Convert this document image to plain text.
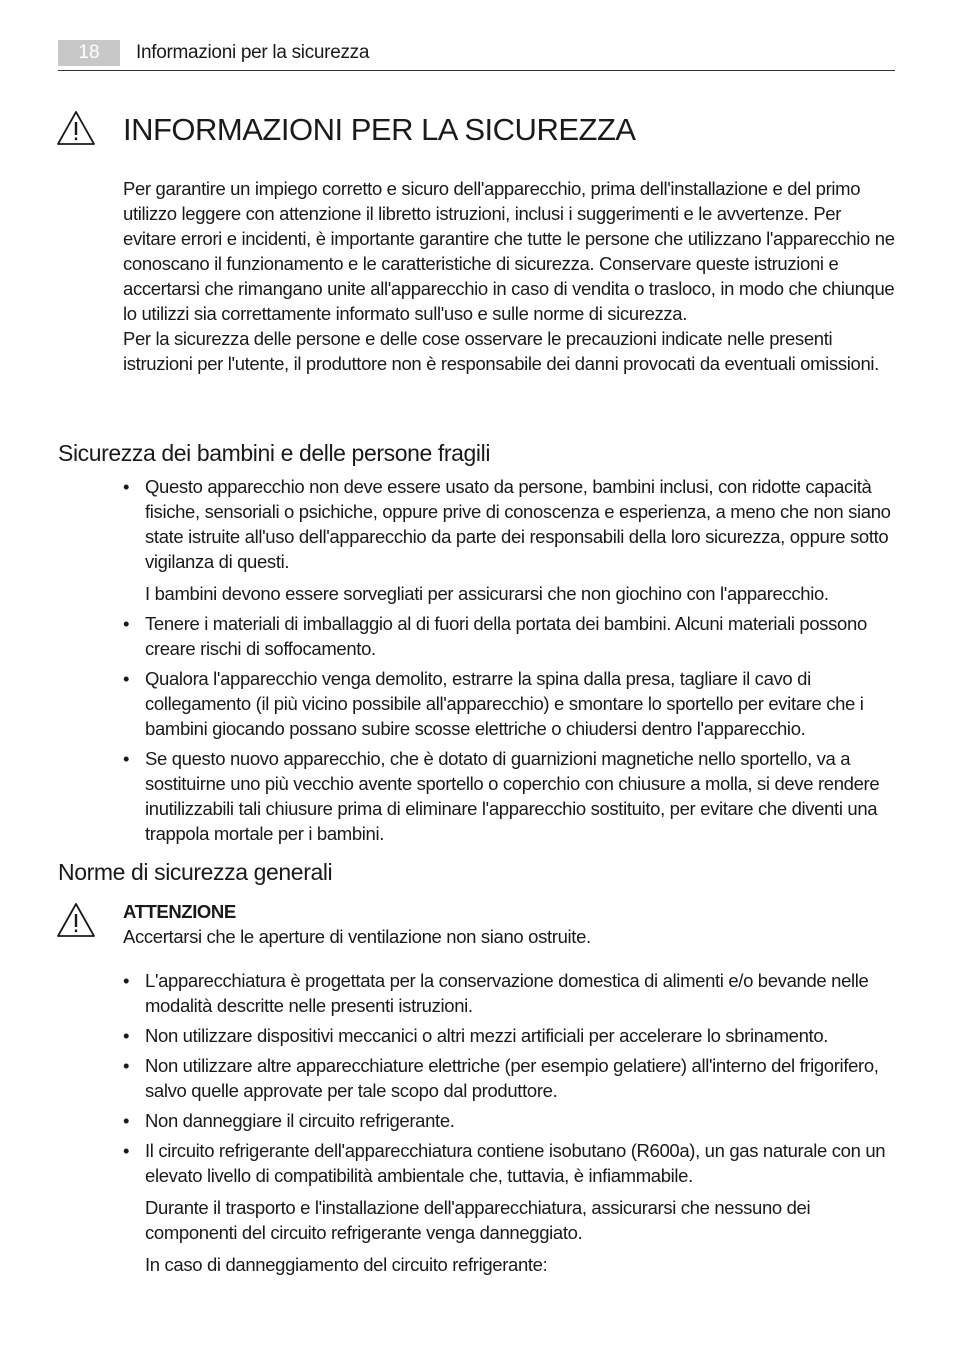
18	Informazioni per la sicurezza
INFORMAZIONI PER LA SICUREZZA

Per garantire un impiego corretto e sicuro dell'apparecchio, prima dell'installazione e del primo utilizzo leggere con attenzione il libretto istruzioni, inclusi i suggerimenti e le avvertenze. Per evitare errori e incidenti, è importante garantire che tutte le persone che utilizzano l'apparecchio ne conoscano il funzionamento e le caratteristiche di sicurezza. Conservare queste istruzioni e accertarsi che rimangano unite all'apparecchio in caso di vendita o trasloco, in modo che chiunque lo utilizzi sia correttamente informato sull'uso e sulle norme di sicurezza.

Per la sicurezza delle persone e delle cose osservare le precauzioni indicate nelle presenti istruzioni per l'utente, il produttore non è responsabile dei danni provocati da eventuali omissioni.

Sicurezza dei bambini e delle persone fragili
• Questo apparecchio non deve essere usato da persone, bambini inclusi, con ridotte capacità fisiche, sensoriali o psichiche, oppure prive di conoscenza e esperienza, a meno che non siano state istruite all'uso dell'apparecchio da parte dei responsabili della loro sicurezza, oppure sotto vigilanza di questi.

I bambini devono essere sorvegliati per assicurarsi che non giochino con l'apparecchio.

• Tenere i materiali di imballaggio al di fuori della portata dei bambini. Alcuni materiali possono creare rischi di soffocamento.

• Qualora l'apparecchio venga demolito, estrarre la spina dalla presa, tagliare il cavo di collegamento (il più vicino possibile all'apparecchio) e smontare lo sportello per evitare che i bambini giocando possano subire scosse elettriche o chiudersi dentro l'apparecchio.

• Se questo nuovo apparecchio, che è dotato di guarnizioni magnetiche nello sportello, va a sostituirne uno più vecchio avente sportello o coperchio con chiusure a molla, si deve rendere inutilizzabili tali chiusure prima di eliminare l'apparecchio sostituito, per evitare che diventi una trappola mortale per i bambini.

Norme di sicurezza generali
ATTENZIONE
Accertarsi che le aperture di ventilazione non siano ostruite.
• L'apparecchiatura è progettata per la conservazione domestica di alimenti e/o bevande nelle modalità descritte nelle presenti istruzioni.

• Non utilizzare dispositivi meccanici o altri mezzi artificiali per accelerare lo sbrinamento.

• Non utilizzare altre apparecchiature elettriche (per esempio gelatiere) all'interno del frigorifero, salvo quelle approvate per tale scopo dal produttore.

• Non danneggiare il circuito refrigerante.

• Il circuito refrigerante dell'apparecchiatura contiene isobutano (R600a), un gas naturale con un elevato livello di compatibilità ambientale che, tuttavia, è infiammabile.

Durante il trasporto e l'installazione dell'apparecchiatura, assicurarsi che nessuno dei componenti del circuito refrigerante venga danneggiato.

In caso di danneggiamento del circuito refrigerante:
